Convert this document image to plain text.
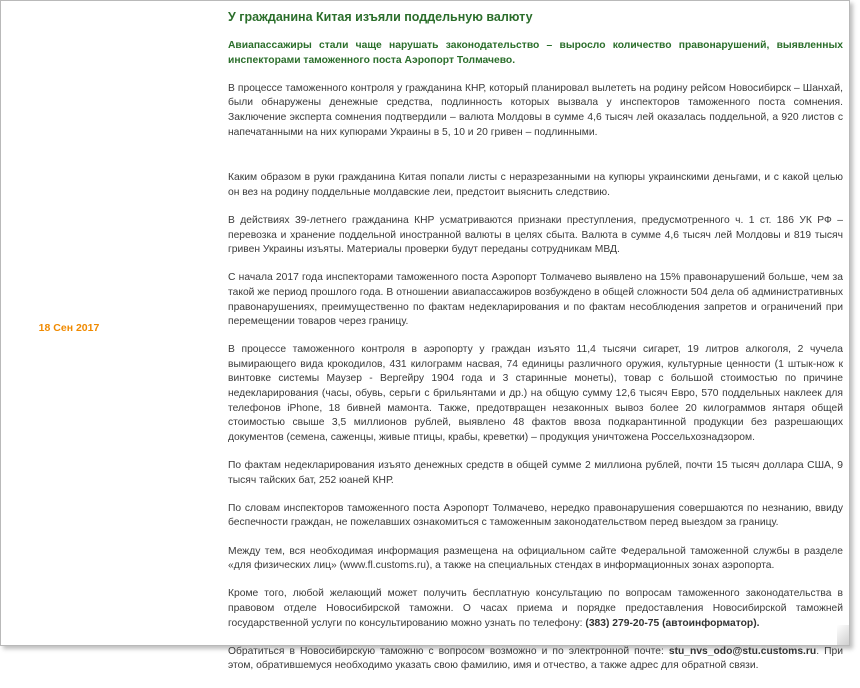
18 Сен 2017
У гражданина Китая изъяли поддельную валюту

Авиапассажиры стали чаще нарушать законодательство – выросло количество правонарушений, выявленных инспекторами таможенного поста Аэропорт Толмачево.

В процессе таможенного контроля у гражданина КНР, который планировал вылететь на родину рейсом Новосибирск – Шанхай, были обнаружены денежные средства, подлинность которых вызвала у инспекторов таможенного поста сомнения. Заключение эксперта сомнения подтвердили – валюта Молдовы в сумме 4,6 тысяч лей оказалась поддельной, а 920 листов с напечатанными на них купюрами Украины в 5, 10 и 20 гривен – подлинными.

Каким образом в руки гражданина Китая попали листы с неразрезанными на купюры украинскими деньгами, и с какой целью он вез на родину поддельные молдавские леи, предстоит выяснить следствию.

В действиях 39-летнего гражданина КНР усматриваются признаки преступления, предусмотренного ч. 1 ст. 186 УК РФ – перевозка и хранение поддельной иностранной валюты в целях сбыта. Валюта в сумме 4,6 тысяч лей Молдовы и 819 тысяч гривен Украины изъяты. Материалы проверки будут переданы сотрудникам МВД.

С начала 2017 года инспекторами таможенного поста Аэропорт Толмачево выявлено на 15% правонарушений больше, чем за такой же период прошлого года. В отношении авиапассажиров возбуждено в общей сложности 504 дела об административных правонарушениях, преимущественно по фактам недекларирования и по фактам несоблюдения запретов и ограничений при перемещении товаров через границу.

В процессе таможенного контроля в аэропорту у граждан изъято 11,4 тысячи сигарет, 19 литров алкоголя, 2 чучела вымирающего вида крокодилов, 431 килограмм насвая, 74 единицы различного оружия, культурные ценности (1 штык-нож к винтовке системы Маузер - Вергейру 1904 года и 3 старинные монеты), товар с большой стоимостью по причине недекларирования (часы, обувь, серьги с брильянтами и др.) на общую сумму 12,6 тысяч Евро, 570 поддельных наклеек для телефонов iPhone, 18 бивней мамонта. Также, предотвращен незаконных вывоз более 20 килограммов янтаря общей стоимостью свыше 3,5 миллионов рублей, выявлено 48 фактов ввоза подкарантинной продукции без разрешающих документов (семена, саженцы, живые птицы, крабы, креветки) – продукция уничтожена Россельхознадзором.

По фактам недекларирования изъято денежных средств в общей сумме 2 миллиона рублей, почти 15 тысяч доллара США, 9 тысяч тайских бат, 252 юаней КНР.

По словам инспекторов таможенного поста Аэропорт Толмачево, нередко правонарушения совершаются по незнанию, ввиду беспечности граждан, не пожелавших ознакомиться с таможенным законодательством перед выездом за границу.

Между тем, вся необходимая информация размещена на официальном сайте Федеральной таможенной службы в разделе «для физических лиц» (www.fl.customs.ru), а также на специальных стендах в информационных зонах аэропорта.

Кроме того, любой желающий может получить бесплатную консультацию по вопросам таможенного законодательства в правовом отделе Новосибирской таможни. О часах приема и порядке предоставления Новосибирской таможней государственной услуги по консультированию можно узнать по телефону: (383) 279-20-75 (автоинформатор).

Обратиться в Новосибирскую таможню с вопросом возможно и по электронной почте: stu_nvs_odo@stu.customs.ru. При этом, обратившемуся необходимо указать свою фамилию, имя и отчество, а также адрес для обратной связи.
